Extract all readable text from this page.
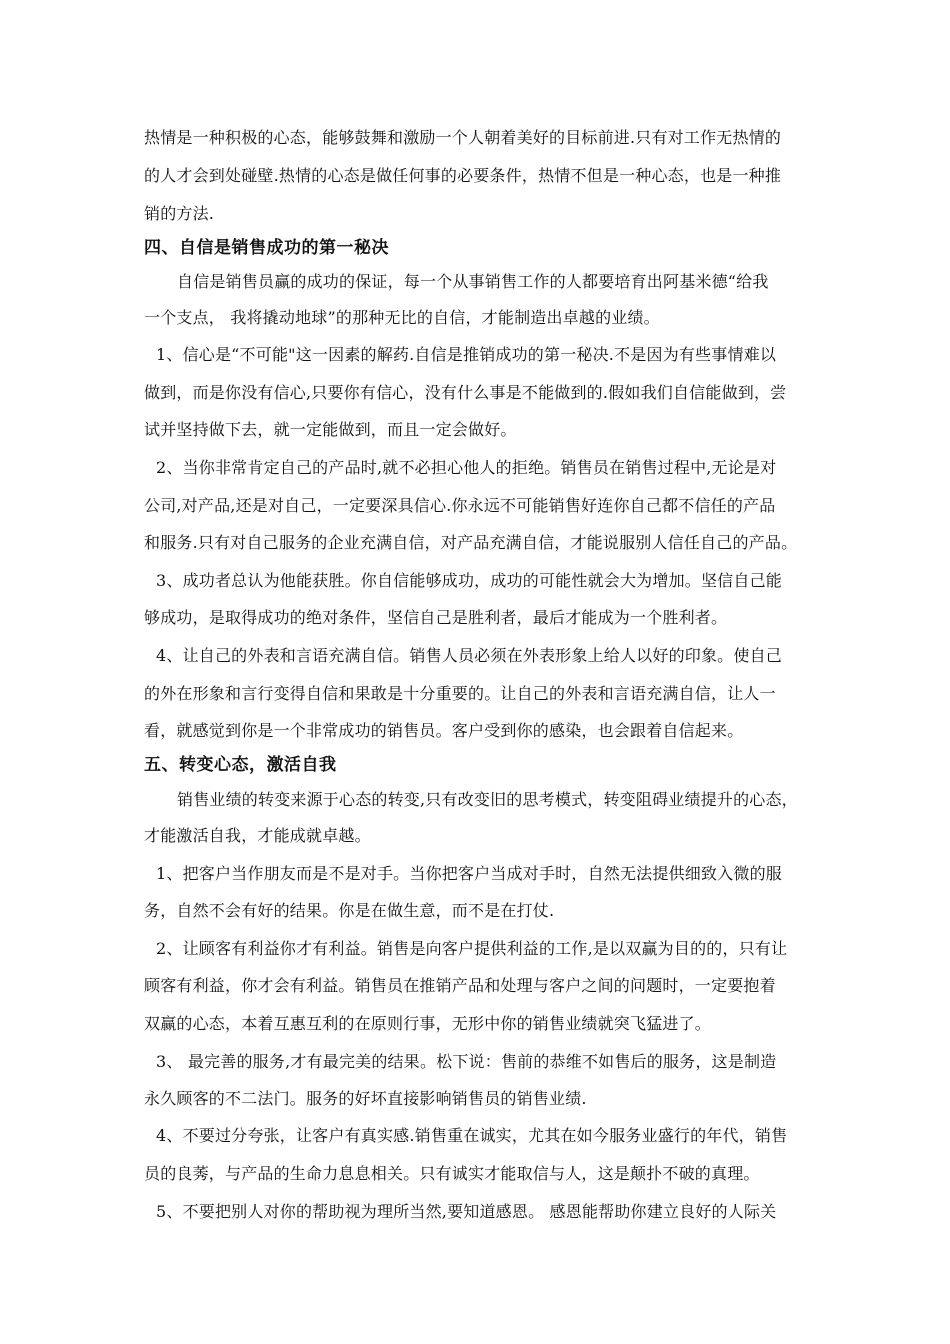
热情是一种积极的心态，能够鼓舞和激励一个人朝着美好的目标前进.只有对工作无热情的
的人才会到处碰壁.热情的心态是做任何事的必要条件，热情不但是一种心态，也是一种推
销的方法.
四、自信是销售成功的第一秘决
自信是销售员赢的成功的保证，每一个从事销售工作的人都要培育出阿基米德“给我
一个支点， 我将撬动地球”的那种无比的自信，才能制造出卓越的业绩。
1、信心是“不可能"这一因素的解药.自信是推销成功的第一秘决.不是因为有些事情难以
做到，而是你没有信心,只要你有信心，没有什么事是不能做到的.假如我们自信能做到，尝
试并坚持做下去，就一定能做到，而且一定会做好。
2、当你非常肯定自己的产品时,就不必担心他人的拒绝。销售员在销售过程中,无论是对
公司,对产品,还是对自己，一定要深具信心.你永远不可能销售好连你自己都不信任的产品
和服务.只有对自己服务的企业充满自信，对产品充满自信，才能说服别人信任自己的产品。
3、成功者总认为他能获胜。你自信能够成功，成功的可能性就会大为增加。坚信自己能
够成功，是取得成功的绝对条件，坚信自己是胜利者，最后才能成为一个胜利者。
4、让自己的外表和言语充满自信。销售人员必须在外表形象上给人以好的印象。使自己
的外在形象和言行变得自信和果敢是十分重要的。让自己的外表和言语充满自信，让人一
看，就感觉到你是一个非常成功的销售员。客户受到你的感染，也会跟着自信起来。
五、转变心态，激活自我
销售业绩的转变来源于心态的转变,只有改变旧的思考模式，转变阻碍业绩提升的心态，
才能激活自我，才能成就卓越。
1、把客户当作朋友而是不是对手。当你把客户当成对手时，自然无法提供细致入微的服
务，自然不会有好的结果。你是在做生意，而不是在打仗.
2、让顾客有利益你才有利益。销售是向客户提供利益的工作,是以双赢为目的的，只有让
顾客有利益，你才会有利益。销售员在推销产品和处理与客户之间的问题时，一定要抱着
双赢的心态，本着互惠互利的在原则行事，无形中你的销售业绩就突飞猛进了。
3、 最完善的服务,才有最完美的结果。松下说：售前的恭维不如售后的服务，这是制造
永久顾客的不二法门。服务的好坏直接影响销售员的销售业绩.
4、不要过分夸张，让客户有真实感.销售重在诚实，尤其在如今服务业盛行的年代，销售
员的良莠，与产品的生命力息息相关。只有诚实才能取信与人，这是颠扑不破的真理。
5、不要把别人对你的帮助视为理所当然,要知道感恩。 感恩能帮助你建立良好的人际关
